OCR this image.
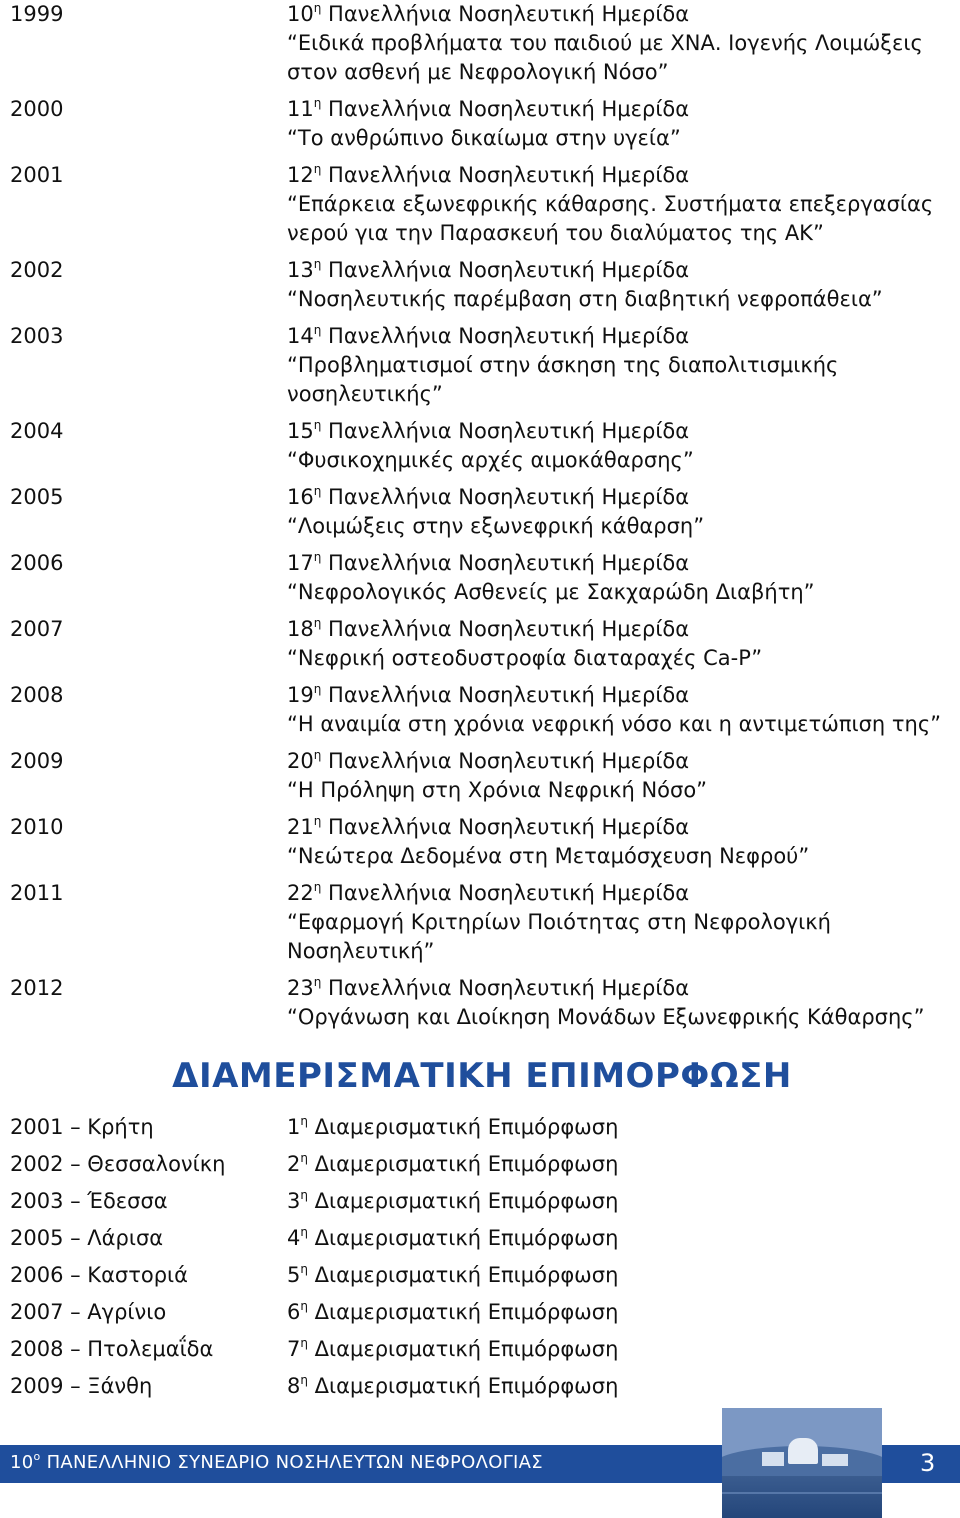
1999	$10^\eta$ Πανελλήνια Νοσηλευτική Ημερίδα
“Ειδικά προβλήματα του παιδιού με ΧΝΑ. Ιογενής Λοιμώξεις στον ασθενή με Νεφρολογική Νόσο”
2000	$11^\eta$ Πανελλήνια Νοσηλευτική Ημερίδα
“Το ανθρώπινο δικαίωμα στην υγεία”
2001	$12^\eta$ Πανελλήνια Νοσηλευτική Ημερίδα
“Επάρκεια εξωνεφρικής κάθαρσης. Συστήματα επεξεργασίας νερού για την Παρασκευή του διαλύματος της ΑΚ”
2002	$13^\eta$ Πανελλήνια Νοσηλευτική Ημερίδα
“Νοσηλευτικής παρέμβαση στη διαβητική νεφροπάθεια”
2003	$14^\eta$ Πανελλήνια Νοσηλευτική Ημερίδα
“Προβληματισμοί στην άσκηση της διαπολιτισμικής νοσηλευτικής”
2004	$15^\eta$ Πανελλήνια Νοσηλευτική Ημερίδα
“Φυσικοχημικές αρχές αιμοκάθαρσης”
2005	$16^\eta$ Πανελλήνια Νοσηλευτική Ημερίδα
“Λοιμώξεις στην εξωνεφρική κάθαρση”
2006	$17^\eta$ Πανελλήνια Νοσηλευτική Ημερίδα
“Νεφρολογικός Ασθενείς με Σακχαρώδη Διαβήτη”
2007	$18^\eta$ Πανελλήνια Νοσηλευτική Ημερίδα
“Νεφρική οστεοδυστροφία διαταραχές Ca-P”
2008	$19^\eta$ Πανελλήνια Νοσηλευτική Ημερίδα
“Η αναιμία στη χρόνια νεφρική νόσο και η αντιμετώπιση της”
2009	$20^\eta$ Πανελλήνια Νοσηλευτική Ημερίδα
“Η Πρόληψη στη Χρόνια Νεφρική Νόσο”
2010	$21^\eta$ Πανελλήνια Νοσηλευτική Ημερίδα
“Νεώτερα Δεδομένα στη Μεταμόσχευση Νεφρού”
2011	$22^\eta$ Πανελλήνια Νοσηλευτική Ημερίδα
“Εφαρμογή Κριτηρίων Ποιότητας στη Νεφρολογική Νοσηλευτική”
2012	$23^\eta$ Πανελλήνια Νοσηλευτική Ημερίδα
“Οργάνωση και Διοίκηση Μονάδων Εξωνεφρικής Κάθαρσης”
ΔΙΑΜΕΡΙΣΜΑΤΙΚΗ ΕΠΙΜΟΡΦΩΣΗ
2001 – Κρήτη	$1^\eta$ Διαμερισματική Επιμόρφωση
2002 – Θεσσαλονίκη	$2^\eta$ Διαμερισματική Επιμόρφωση
2003 – Έδεσσα	$3^\eta$ Διαμερισματική Επιμόρφωση
2005 – Λάρισα	$4^\eta$ Διαμερισματική Επιμόρφωση
2006 – Καστοριά	$5^\eta$ Διαμερισματική Επιμόρφωση
2007 – Αγρίνιο	$6^\eta$ Διαμερισματική Επιμόρφωση
2008 – Πτολεμαΐδα	$7^\eta$ Διαμερισματική Επιμόρφωση
2009 – Ξάνθη	$8^\eta$ Διαμερισματική Επιμόρφωση
$10^o$ ΠΑΝΕΛΛΗΝΙΟ ΣΥΝΕΔΡΙΟ ΝΟΣΗΛΕΥΤΩΝ ΝΕΦΡΟΛΟΓΙΑΣ	3
